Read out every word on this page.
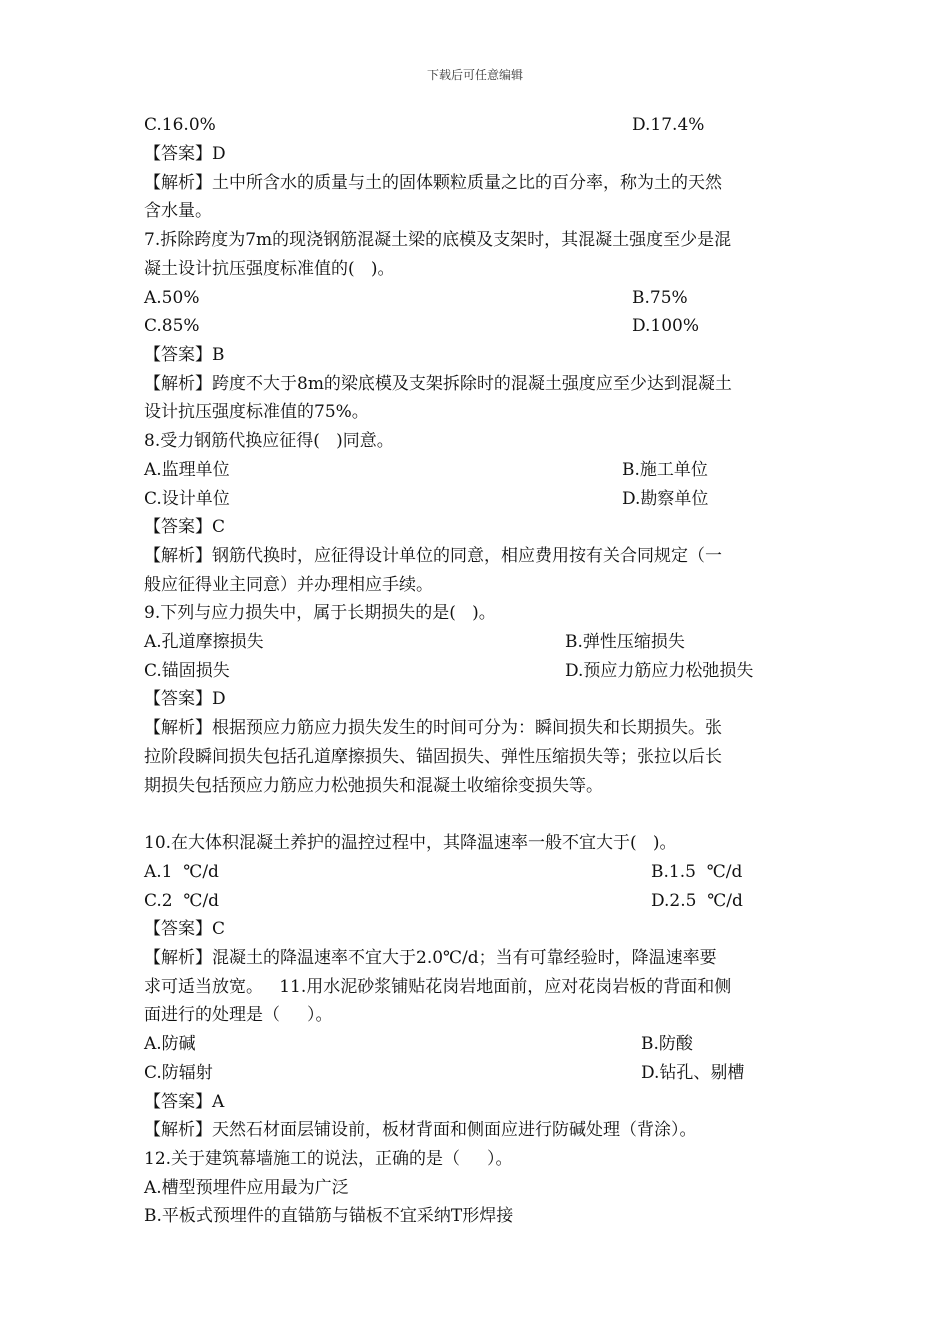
下载后可任意编辑
C.16.0%	D.17.4%
【答案】D
【解析】土中所含水的质量与土的固体颗粒质量之比的百分率，称为土的天然
含水量。
7.拆除跨度为7m的现浇钢筋混凝土梁的底模及支架时，其混凝土强度至少是混
凝土设计抗压强度标准值的(   )。
A.50%	B.75%
C.85%	D.100%
【答案】B
【解析】跨度不大于8m的梁底模及支架拆除时的混凝土强度应至少达到混凝土
设计抗压强度标准值的75%。
8.受力钢筋代换应征得(   )同意。
A.监理单位	B.施工单位
C.设计单位	D.勘察单位
【答案】C
【解析】钢筋代换时，应征得设计单位的同意，相应费用按有关合同规定（一
般应征得业主同意）并办理相应手续。
9.下列与应力损失中，属于长期损失的是(   )。
A.孔道摩擦损失	B.弹性压缩损失
C.锚固损失	D.预应力筋应力松弛损失
【答案】D
【解析】根据预应力筋应力损失发生的时间可分为：瞬间损失和长期损失。张
拉阶段瞬间损失包括孔道摩擦损失、锚固损失、弹性压缩损失等；张拉以后长
期损失包括预应力筋应力松弛损失和混凝土收缩徐变损失等。
10.在大体积混凝土养护的温控过程中，其降温速率一般不宜大于(   )。
A.1  ℃/d	B.1.5  ℃/d
C.2  ℃/d	D.2.5  ℃/d
【答案】C
【解析】混凝土的降温速率不宜大于2.0℃/d；当有可靠经验时，降温速率要
求可适当放宽。   11.用水泥砂浆铺贴花岗岩地面前，应对花岗岩板的背面和侧
面进行的处理是（     ）。
A.防碱	B.防酸
C.防辐射	D.钻孔、剔槽
【答案】A
【解析】天然石材面层铺设前，板材背面和侧面应进行防碱处理（背涂）。
12.关于建筑幕墙施工的说法，正确的是（     ）。
A.槽型预埋件应用最为广泛
B.平板式预埋件的直锚筋与锚板不宜采纳T形焊接
